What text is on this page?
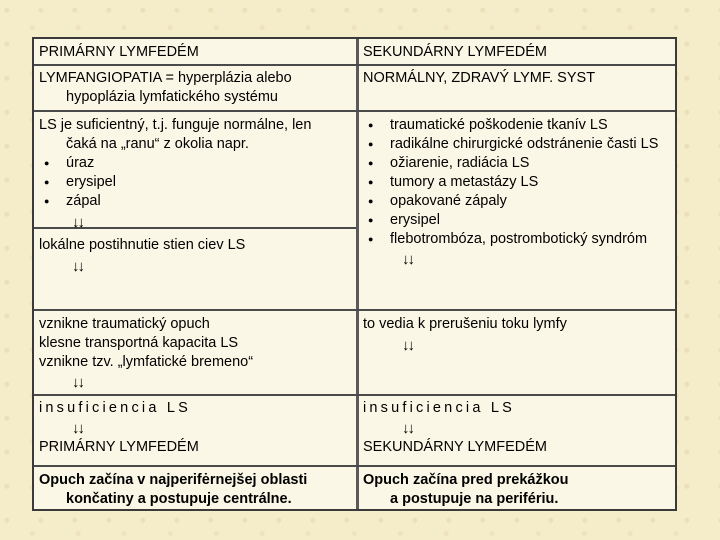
PRIMÁRNY LYMFEDÉM	SEKUNDÁRNY LYMFEDÉM
LYMFANGIOPATIA = hyperplázia alebo
hypoplázia lymfatického systému
NORMÁLNY, ZDRAVÝ LYMF. SYST
LS je suficientný, t.j. funguje normálne, len
čaká na „ranu“ z okolia napr.
● úraz
● erysipel
● zápal
↓↓
lokálne postihnutie stien ciev LS
↓↓
● traumatické poškodenie tkanív LS
● radikálne chirurgické odstránenie časti LS
● ožiarenie, radiácia LS
● tumory a metastázy LS
● opakované zápaly
● erysipel
● flebotrombóza, postrombotický syndróm
↓↓
vznikne traumatický opuch
klesne transportná kapacita LS
vznikne tzv. „lymfatické bremeno“
↓↓
to vedia k prerušeniu toku lymfy
↓↓
insuficiencia LS
↓↓
PRIMÁRNY LYMFEDÉM
insuficiencia LS
↓↓
SEKUNDÁRNY LYMFEDÉM
Opuch začína v najperifėrnejšej oblasti
končatiny a postupuje centrálne.
Opuch začína pred prekážkou
a postupuje na perifériu.
